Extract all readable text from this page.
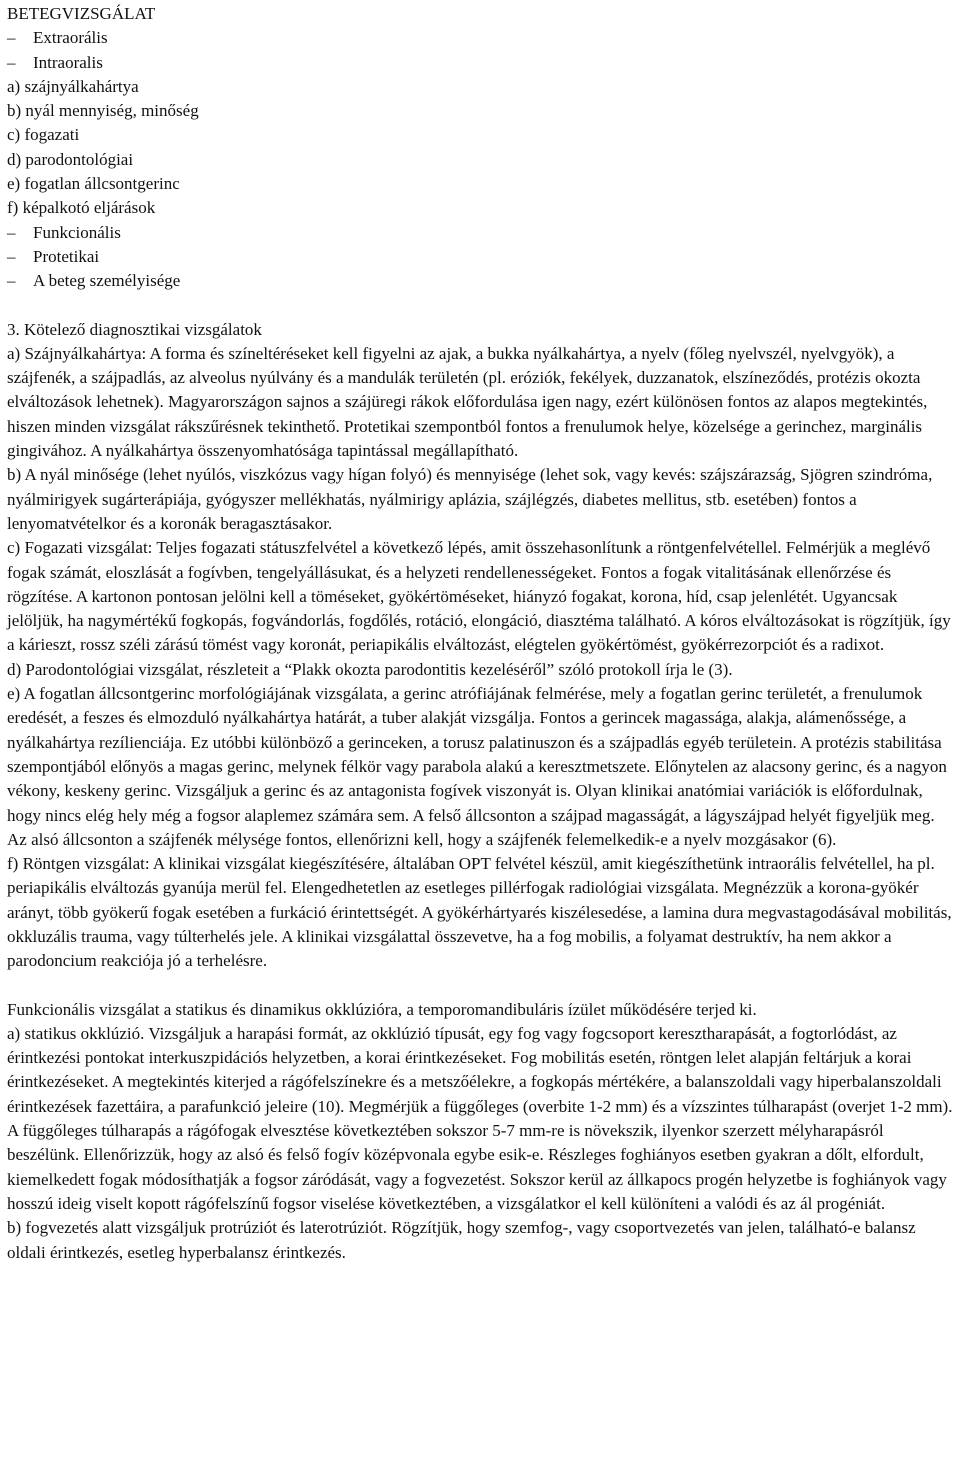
BETEGVIZSGÁLAT
– Extraorális
– Intraoralis
a) szájnyálkahártya
b) nyál mennyiség, minőség
c) fogazati
d) parodontológiai
e) fogatlan állcsontgerinc
f) képalkotó eljárások
– Funkcionális
– Protetikai
– A beteg személyisége
3. Kötelező diagnosztikai vizsgálatok

a) Szájnyálkahártya: A forma és színeltéréseket kell figyelni az ajak, a bukka nyálkahártya, a nyelv (főleg nyelvszél, nyelvgyök), a szájfenék, a szájpadlás, az alveolus nyúlvány és a mandulák területén (pl. eróziók, fekélyek, duzzanatok, elszíneződés, protézis okozta elváltozások lehetnek). Magyarországon sajnos a szájüregi rákok előfordulása igen nagy, ezért különösen fontos az alapos megtekintés, hiszen minden vizsgálat rákszűrésnek tekinthető. Protetikai szempontból fontos a frenulumok helye, közelsége a gerinchez, marginális gingivához. A nyálkahártya összenyomhatósága tapintással megállapítható.

b) A nyál minősége (lehet nyúlós, viszkózus vagy hígan folyó) és mennyisége (lehet sok, vagy kevés: szájszárazság, Sjögren szindróma, nyálmirigyek sugárterápiája, gyógyszer mellékhatás, nyálmirigy aplázia, szájlégzés, diabetes mellitus, stb. esetében) fontos a lenyomatvételkor és a koronák beragasztásakor.

c) Fogazati vizsgálat: Teljes fogazati státuszfelvétel a következő lépés, amit összehasonlítunk a röntgenfelvétellel. Felmérjük a meglévő fogak számát, eloszlását a fogívben, tengelyállásukat, és a helyzeti rendellenességeket. Fontos a fogak vitalitásának ellenőrzése és rögzítése. A kartonon pontosan jelölni kell a töméseket, gyökértöméseket, hiányzó fogakat, korona, híd, csap jelenlétét. Ugyancsak jelöljük, ha nagymértékű fogkopás, fogvándorlás, fogdőlés, rotáció, elongáció, diasztéma található. A kóros elváltozásokat is rögzítjük, így a kárieszt, rossz széli zárású tömést vagy koronát, periapikális elváltozást, elégtelen gyökértömést, gyökérrezorpciót és a radixot.

d) Parodontológiai vizsgálat, részleteit a “Plakk okozta parodontitis kezeléséről” szóló protokoll írja le (3).

e) A fogatlan állcsontgerinc morfológiájának vizsgálata, a gerinc atrófiájának felmérése, mely a fogatlan gerinc területét, a frenulumok eredését, a feszes és elmozduló nyálkahártya határát, a tuber alakját vizsgálja. Fontos a gerincek magassága, alakja, alámenőssége, a nyálkahártya rezílienciája. Ez utóbbi különböző a gerinceken, a torusz palatinuszon és a szájpadlás egyéb területein. A protézis stabilitása szempontjából előnyös a magas gerinc, melynek félkör vagy parabola alakú a keresztmetszete. Előnytelen az alacsony gerinc, és a nagyon vékony, keskeny gerinc. Vizsgáljuk a gerinc és az antagonista fogívek viszonyát is. Olyan klinikai anatómiai variációk is előfordulnak, hogy nincs elég hely még a fogsor alaplemez számára sem. A felső állcsonton a szájpad magasságát, a lágyszájpad helyét figyeljük meg. Az alsó állcsonton a szájfenék mélysége fontos, ellenőrizni kell, hogy a szájfenék felemelkedik-e a nyelv mozgásakor (6).

f) Röntgen vizsgálat: A klinikai vizsgálat kiegészítésére, általában OPT felvétel készül, amit kiegészíthetünk intraorális felvétellel, ha pl. periapikális elváltozás gyanúja merül fel. Elengedhetetlen az esetleges pillérfogak radiológiai vizsgálata. Megnézzük a korona-gyökér arányt, több gyökerű fogak esetében a furkáció érintettségét. A gyökérhártyarés kiszélesedése, a lamina dura megvastagodásával mobilitás, okkluzális trauma, vagy túlterhelés jele. A klinikai vizsgálattal összevetve, ha a fog mobilis, a folyamat destruktív, ha nem akkor a parodoncium reakciója jó a terhelésre.

Funkcionális vizsgálat a statikus és dinamikus okklúzióra, a temporomandibuláris ízület működésére terjed ki.

a) statikus okklúzió. Vizsgáljuk a harapási formát, az okklúzió típusát, egy fog vagy fogcsoport keresztharapását, a fogtorlódást, az érintkezési pontokat interkuszpidációs helyzetben, a korai érintkezéseket. Fog mobilitás esetén, röntgen lelet alapján feltárjuk a korai érintkezéseket. A megtekintés kiterjed a rágófelszínekre és a metszőélekre, a fogkopás mértékére, a balanszoldali vagy hiperbalanszoldali érintkezések fazettáira, a parafunkció jeleire (10). Megmérjük a függőleges (overbite 1-2 mm) és a vízszintes túlharapást (overjet 1-2 mm). A függőleges túlharapás a rágófogak elvesztése következtében sokszor 5-7 mm-re is növekszik, ilyenkor szerzett mélyharapásról beszélünk. Ellenőrizzük, hogy az alsó és felső fogív középvonala egybe esik-e. Részleges foghiányos esetben gyakran a dőlt, elfordult, kiemelkedett fogak módosíthatják a fogsor záródását, vagy a fogvezetést. Sokszor kerül az állkapocs progén helyzetbe is foghiányok vagy hosszú ideig viselt kopott rágófelszínű fogsor viselése következtében, a vizsgálatkor el kell különíteni a valódi és az ál progéniát.

b) fogvezetés alatt vizsgáljuk protrúziót és laterotrúziót. Rögzítjük, hogy szemfog-, vagy csoportvezetés van jelen, található-e balansz oldali érintkezés, esetleg hyperbalansz érintkezés.
